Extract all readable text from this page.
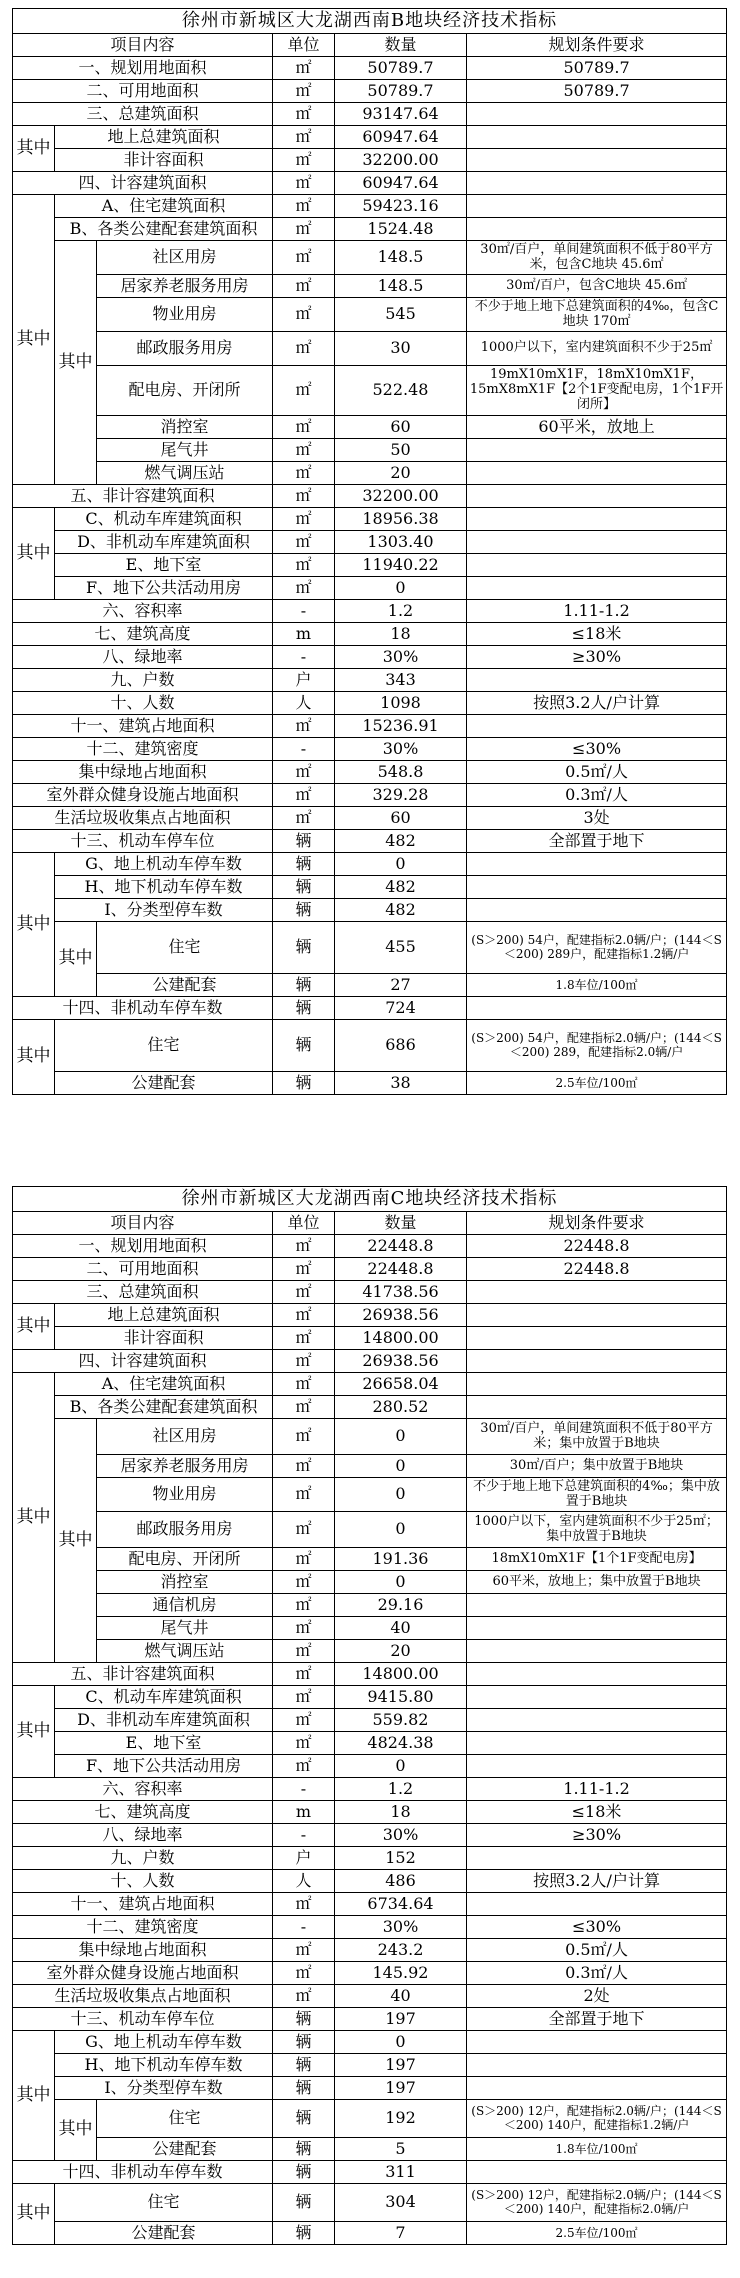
徐州市新城区大龙湖西南B地块经济技术指标					
项目内容			单位	数量	规划条件要求
一、规划用地面积			㎡	50789.7	50789.7
二、可用地面积			㎡	50789.7	50789.7
三、总建筑面积			㎡	93147.64	
其中	地上总建筑面积		㎡	60947.64	
	非计容面积		㎡	32200.00	
四、计容建筑面积			㎡	60947.64	
其中	A、住宅建筑面积		㎡	59423.16	
	B、各类公建配套建筑面积		㎡	1524.48	
	其中	社区用房	㎡	148.5	30㎡/百户，单间建筑面积不低于80平方米，包含C地块 45.6㎡
		居家养老服务用房	㎡	148.5	30㎡/百户，包含C地块 45.6㎡
		物业用房	㎡	545	不少于地上地下总建筑面积的4‰，包含C地块 170㎡
		邮政服务用房	㎡	30	1000户以下，室内建筑面积不少于25㎡
		配电房、开闭所	㎡	522.48	19mX10mX1F，18mX10mX1F，15mX8mX1F【2个1F变配电房，1个1F开闭所】
		消控室	㎡	60	60平米，放地上
		尾气井	㎡	50	
		燃气调压站	㎡	20	
五、非计容建筑面积			㎡	32200.00	
其中	C、机动车库建筑面积		㎡	18956.38	
	D、非机动车库建筑面积		㎡	1303.40	
	E、地下室		㎡	11940.22	
	F、地下公共活动用房		㎡	0	
六、容积率			-	1.2	1.11-1.2
七、建筑高度			m	18	≤18米
八、绿地率			-	30%	≥30%
九、户数			户	343	
十、人数			人	1098	按照3.2人/户计算
十一、建筑占地面积			㎡	15236.91	
十二、建筑密度			-	30%	≤30%
集中绿地占地面积			㎡	548.8	0.5㎡/人
室外群众健身设施占地面积			㎡	329.28	0.3㎡/人
生活垃圾收集点占地面积			㎡	60	3处
十三、机动车停车位			辆	482	全部置于地下
其中	G、地上机动车停车数		辆	0	
	H、地下机动车停车数		辆	482	
	I、分类型停车数		辆	482	
	其中	住宅	辆	455	(S＞200) 54户，配建指标2.0辆/户；(144＜S＜200) 289户，配建指标1.2辆/户
		公建配套	辆	27	1.8车位/100㎡
十四、非机动车停车数			辆	724	
其中	住宅		辆	686	(S＞200) 54户，配建指标2.0辆/户；(144＜S＜200) 289，配建指标2.0辆/户
	公建配套		辆	38	2.5车位/100㎡
徐州市新城区大龙湖西南C地块经济技术指标					
项目内容			单位	数量	规划条件要求
一、规划用地面积			㎡	22448.8	22448.8
二、可用地面积			㎡	22448.8	22448.8
三、总建筑面积			㎡	41738.56	
其中	地上总建筑面积		㎡	26938.56	
	非计容面积		㎡	14800.00	
四、计容建筑面积			㎡	26938.56	
其中	A、住宅建筑面积		㎡	26658.04	
	B、各类公建配套建筑面积		㎡	280.52	
	其中	社区用房	㎡	0	30㎡/百户，单间建筑面积不低于80平方米；集中放置于B地块
		居家养老服务用房	㎡	0	30㎡/百户；集中放置于B地块
		物业用房	㎡	0	不少于地上地下总建筑面积的4‰；集中放置于B地块
		邮政服务用房	㎡	0	1000户以下，室内建筑面积不少于25㎡；集中放置于B地块
		配电房、开闭所	㎡	191.36	18mX10mX1F【1个1F变配电房】
		消控室	㎡	0	60平米，放地上；集中放置于B地块
		通信机房	㎡	29.16	
		尾气井	㎡	40	
		燃气调压站	㎡	20	
五、非计容建筑面积			㎡	14800.00	
其中	C、机动车库建筑面积		㎡	9415.80	
	D、非机动车库建筑面积		㎡	559.82	
	E、地下室		㎡	4824.38	
	F、地下公共活动用房		㎡	0	
六、容积率			-	1.2	1.11-1.2
七、建筑高度			m	18	≤18米
八、绿地率			-	30%	≥30%
九、户数			户	152	
十、人数			人	486	按照3.2人/户计算
十一、建筑占地面积			㎡	6734.64	
十二、建筑密度			-	30%	≤30%
集中绿地占地面积			㎡	243.2	0.5㎡/人
室外群众健身设施占地面积			㎡	145.92	0.3㎡/人
生活垃圾收集点占地面积			㎡	40	2处
十三、机动车停车位			辆	197	全部置于地下
其中	G、地上机动车停车数		辆	0	
	H、地下机动车停车数		辆	197	
	I、分类型停车数		辆	197	
	其中	住宅	辆	192	(S＞200) 12户，配建指标2.0辆/户；(144＜S＜200) 140户，配建指标1.2辆/户
		公建配套	辆	5	1.8车位/100㎡
十四、非机动车停车数			辆	311	
其中	住宅		辆	304	(S＞200) 12户，配建指标2.0辆/户；(144＜S＜200) 140户，配建指标2.0辆/户
	公建配套		辆	7	2.5车位/100㎡
